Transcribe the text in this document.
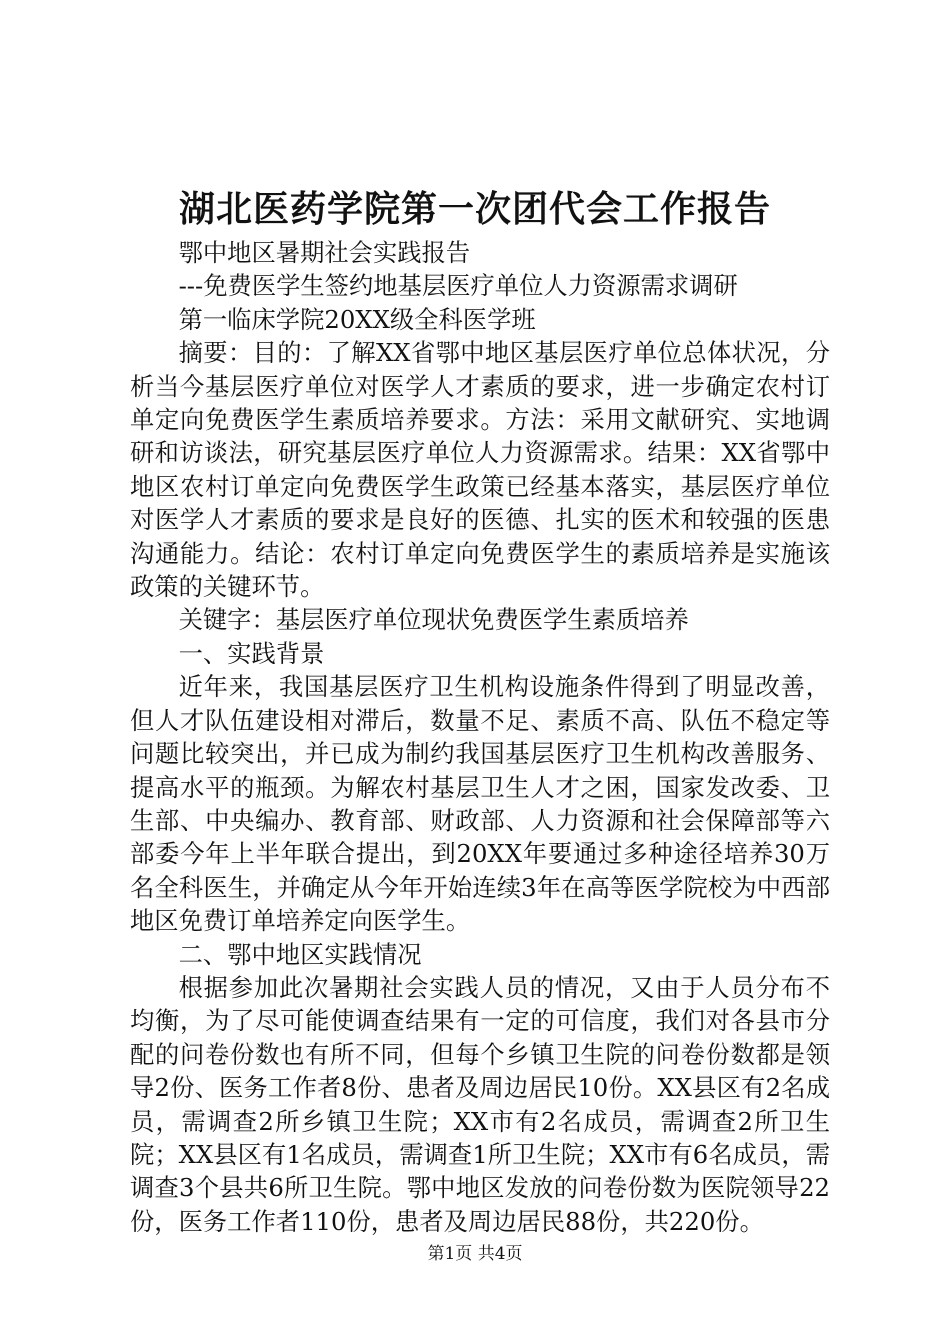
湖北医药学院第一次团代会工作报告

鄂中地区暑期社会实践报告

---免费医学生签约地基层医疗单位人力资源需求调研

第一临床学院20XX级全科医学班

摘要：目的：了解XX省鄂中地区基层医疗单位总体状况，分析当今基层医疗单位对医学人才素质的要求，进一步确定农村订单定向免费医学生素质培养要求。方法：采用文献研究、实地调研和访谈法，研究基层医疗单位人力资源需求。结果：XX省鄂中地区农村订单定向免费医学生政策已经基本落实，基层医疗单位对医学人才素质的要求是良好的医德、扎实的医术和较强的医患沟通能力。结论：农村订单定向免费医学生的素质培养是实施该政策的关键环节。

关键字：基层医疗单位现状免费医学生素质培养

一、实践背景

近年来，我国基层医疗卫生机构设施条件得到了明显改善，但人才队伍建设相对滞后，数量不足、素质不高、队伍不稳定等问题比较突出，并已成为制约我国基层医疗卫生机构改善服务、提高水平的瓶颈。为解农村基层卫生人才之困，国家发改委、卫生部、中央编办、教育部、财政部、人力资源和社会保障部等六部委今年上半年联合提出，到20XX年要通过多种途径培养30万名全科医生，并确定从今年开始连续3年在高等医学院校为中西部地区免费订单培养定向医学生。

二、鄂中地区实践情况

根据参加此次暑期社会实践人员的情况，又由于人员分布不均衡，为了尽可能使调查结果有一定的可信度，我们对各县市分配的问卷份数也有所不同，但每个乡镇卫生院的问卷份数都是领导2份、医务工作者8份、患者及周边居民10份。XX县区有2名成员，需调查2所乡镇卫生院；XX市有2名成员，需调查2所卫生院；XX县区有1名成员，需调查1所卫生院；XX市有6名成员，需调查3个县共6所卫生院。鄂中地区发放的问卷份数为医院领导22份，医务工作者110份，患者及周边居民88份，共220份。

第1页 共4页
